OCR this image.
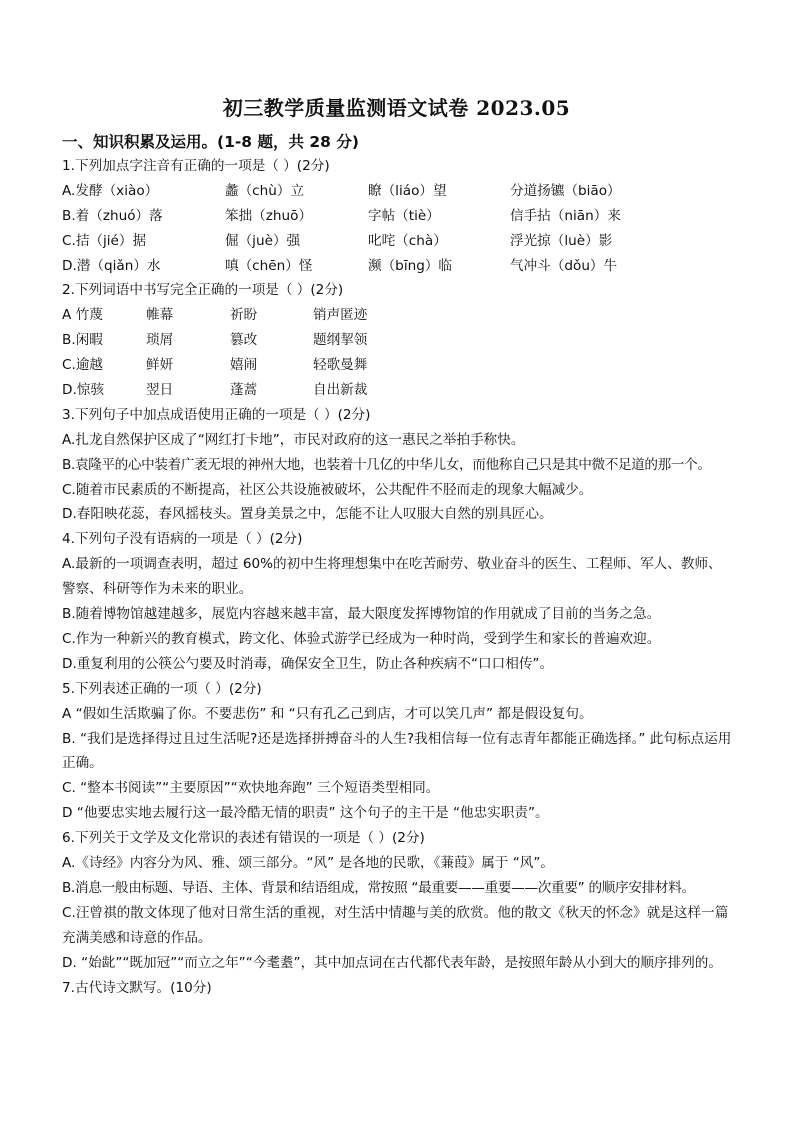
初三教学质量监测语文试卷 2023.05
一、知识积累及运用。(1-8 题，共 28 分)
1.下列加点字注音有正确的一项是（ ）(2分)
A.发酵（xiào）	蠡（chù）立	瞭（liáo）望	分道扬镳（biāo）
B.着（zhuó）落	笨拙（zhuō）	字帖（tiè）	信手拈（niān）来
C.拮（jié）据	倔（juè）强	叱咤（chà）	浮光掠（luè）影
D.潜（qiǎn）水	嗔（chēn）怪	濒（bīng）临	气冲斗（dǒu）牛
2.下列词语中书写完全正确的一项是（ ）(2分)
A 竹蔑	帷幕	祈盼	销声匿迹
B.闲暇	琐屑	篡改	题纲挈领
C.逾越	鲜妍	嬉闹	轻歌曼舞
D.惊骇	翌日	蓬蒿	自出新裁
3.下列句子中加点成语使用正确的一项是（ ）(2分)
A.扎龙自然保护区成了“网红打卡地”，市民对政府的这一惠民之举拍手称快。
B.袁隆平的心中装着广袤无垠的神州大地，也装着十几亿的中华儿女，而他称自己只是其中微不足道的那一个。
C.随着市民素质的不断提高，社区公共设施被破坏，公共配件不胫而走的现象大幅减少。
D.春阳映花蕊，春风摇枝头。置身美景之中，怎能不让人叹服大自然的别具匠心。
4.下列句子没有语病的一项是（ ）(2分)
A.最新的一项调查表明，超过 60%的初中生将理想集中在吃苦耐劳、敬业奋斗的医生、工程师、军人、教师、警察、科研等作为未来的职业。
B.随着博物馆越建越多，展览内容越来越丰富，最大限度发挥博物馆的作用就成了目前的当务之急。
C.作为一种新兴的教育模式，跨文化、体验式游学已经成为一种时尚，受到学生和家长的普遍欢迎。
D.重复利用的公筷公勺要及时消毒，确保安全卫生，防止各种疾病不“口口相传”。
5.下列表述正确的一项（ ）(2分)
A “假如生活欺骗了你。不要悲伤” 和 “只有孔乙己到店，才可以笑几声” 都是假设复句。
B. “我们是选择得过且过生活呢?还是选择拼搏奋斗的人生?我相信每一位有志青年都能正确选择。” 此句标点运用正确。
C. “整本书阅读”“主要原因”“欢快地奔跑” 三个短语类型相同。
D “他要忠实地去履行这一最冷酷无情的职责” 这个句子的主干是 “他忠实职责”。
6.下列关于文学及文化常识的表述有错误的一项是（ ）(2分)
A.《诗经》内容分为风、雅、颂三部分。“风” 是各地的民歌，《蒹葭》属于 “风”。
B.消息一般由标题、导语、主体、背景和结语组成，常按照 “最重要——重要——次重要” 的顺序安排材料。
C.汪曾祺的散文体现了他对日常生活的重视，对生活中情趣与美的欣赏。他的散文《秋天的怀念》就是这样一篇充满美感和诗意的作品。
D. “始龀”“既加冠”“而立之年”“今耄耋”，其中加点词在古代都代表年龄，是按照年龄从小到大的顺序排列的。
7.古代诗文默写。(10分)
